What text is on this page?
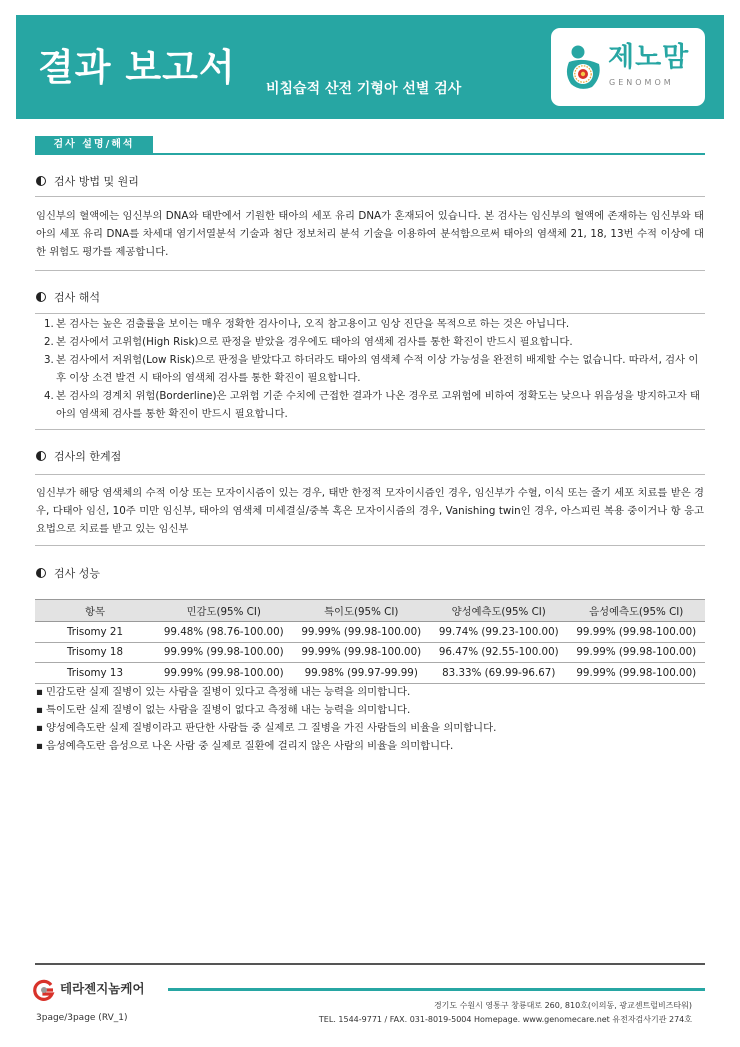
결과 보고서 비침습적 산전 기형아 선별 검사
제노맘
GENOMOM
검사 설명/해석
검사 방법 및 원리
임신부의 혈액에는 임신부의 DNA와 태반에서 기원한 태아의 세포 유리 DNA가 혼재되어 있습니다. 본 검사는 임신부의 혈액에 존재하는 임신부와 태아의 세포 유리 DNA를 차세대 염기서열분석 기술과 첨단 정보처리 분석 기술을 이용하여 분석함으로써 태아의 염색체 21, 18, 13번 수적 이상에 대한 위험도 평가를 제공합니다.
검사 해석
1. 본 검사는 높은 검출률을 보이는 매우 정확한 검사이나, 오직 참고용이고 임상 진단을 목적으로 하는 것은 아닙니다.
2. 본 검사에서 고위험(High Risk)으로 판정을 받았을 경우에도 태아의 염색체 검사를 통한 확진이 반드시 필요합니다.
3. 본 검사에서 저위험(Low Risk)으로 판정을 받았다고 하더라도 태아의 염색체 수적 이상 가능성을 완전히 배제할 수는 없습니다. 따라서, 검사 이후 이상 소견 발견 시 태아의 염색체 검사를 통한 확진이 필요합니다.
4. 본 검사의 경계치 위험(Borderline)은 고위험 기준 수치에 근접한 결과가 나온 경우로 고위험에 비하여 정확도는 낮으나 위음성을 방지하고자 태아의 염색체 검사를 통한 확진이 반드시 필요합니다.
검사의 한계점
임신부가 해당 염색체의 수적 이상 또는 모자이시즘이 있는 경우, 태반 한정적 모자이시즘인 경우, 임신부가 수혈, 이식 또는 줄기 세포 치료를 받은 경우, 다태아 임신, 10주 미만 임신부, 태아의 염색체 미세결실/중복 혹은 모자이시즘의 경우, Vanishing twin인 경우, 아스피린 복용 중이거나 항 응고 요법으로 치료를 받고 있는 임신부
검사 성능
항목	민감도(95% CI)	특이도(95% CI)	양성예측도(95% CI)	음성예측도(95% CI)
Trisomy 21	99.48% (98.76-100.00)	99.99% (99.98-100.00)	99.74% (99.23-100.00)	99.99% (99.98-100.00)
Trisomy 18	99.99% (99.98-100.00)	99.99% (99.98-100.00)	96.47% (92.55-100.00)	99.99% (99.98-100.00)
Trisomy 13	99.99% (99.98-100.00)	99.98% (99.97-99.99)	83.33% (69.99-96.67)	99.99% (99.98-100.00)
▪ 민감도란 실제 질병이 있는 사람을 질병이 있다고 측정해 내는 능력을 의미합니다.
▪ 특이도란 실제 질병이 없는 사람을 질병이 없다고 측정해 내는 능력을 의미합니다.
▪ 양성예측도란 실제 질병이라고 판단한 사람들 중 실제로 그 질병을 가진 사람들의 비율을 의미합니다.
▪ 음성예측도란 음성으로 나온 사람 중 실제로 질환에 걸리지 않은 사람의 비율을 의미합니다.
테라젠지놈케어
경기도 수원시 영통구 창룡대로 260, 810호(이의동, 광교센트럴비즈타워)
TEL. 1544-9771 / FAX. 031-8019-5004 Homepage. www.genomecare.net 유전자검사기관 274호
3page/3page (RV_1)
